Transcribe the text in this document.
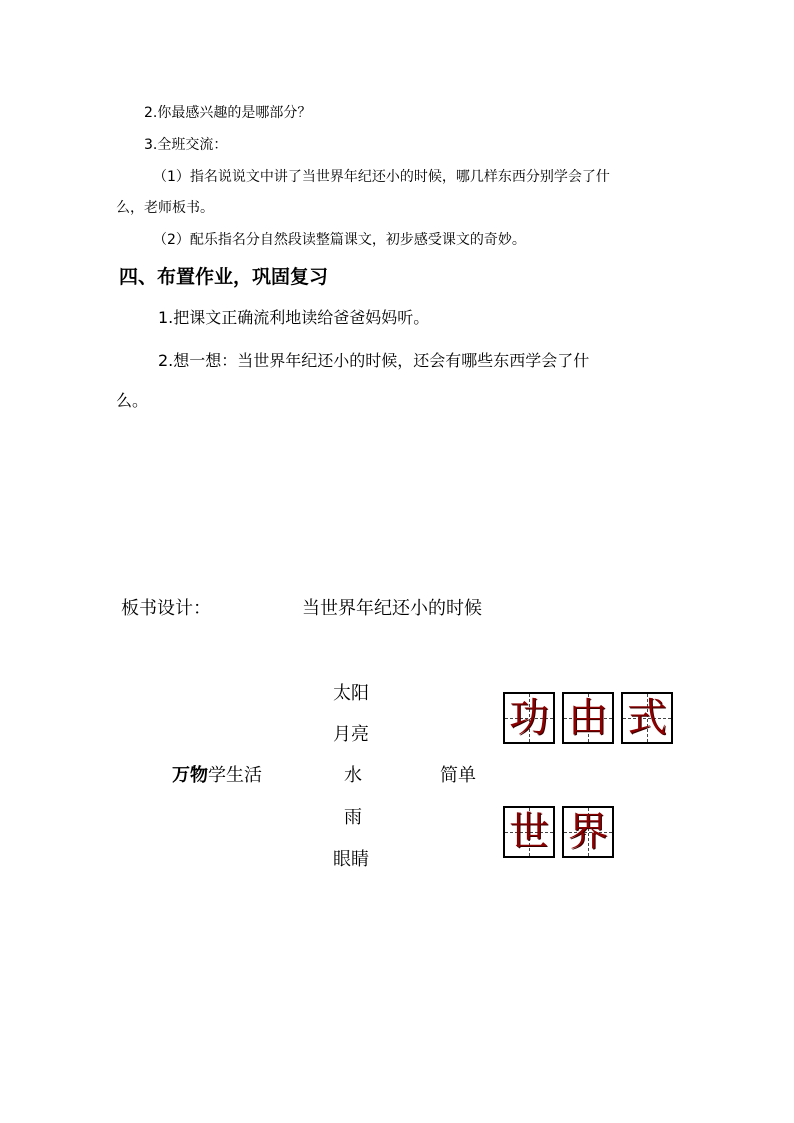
2.你最感兴趣的是哪部分？
3.全班交流：
（1）指名说说文中讲了当世界年纪还小的时候，哪几样东西分别学会了什
么，老师板书。
（2）配乐指名分自然段读整篇课文，初步感受课文的奇妙。
四、布置作业，巩固复习
1.把课文正确流利地读给爸爸妈妈听。
2.想一想：当世界年纪还小的时候，还会有哪些东西学会了什
么。
板书设计：	当世界年纪还小的时候
万物学生活
太阳
月亮
水
雨
眼睛
简单
功 由 式
世 界
